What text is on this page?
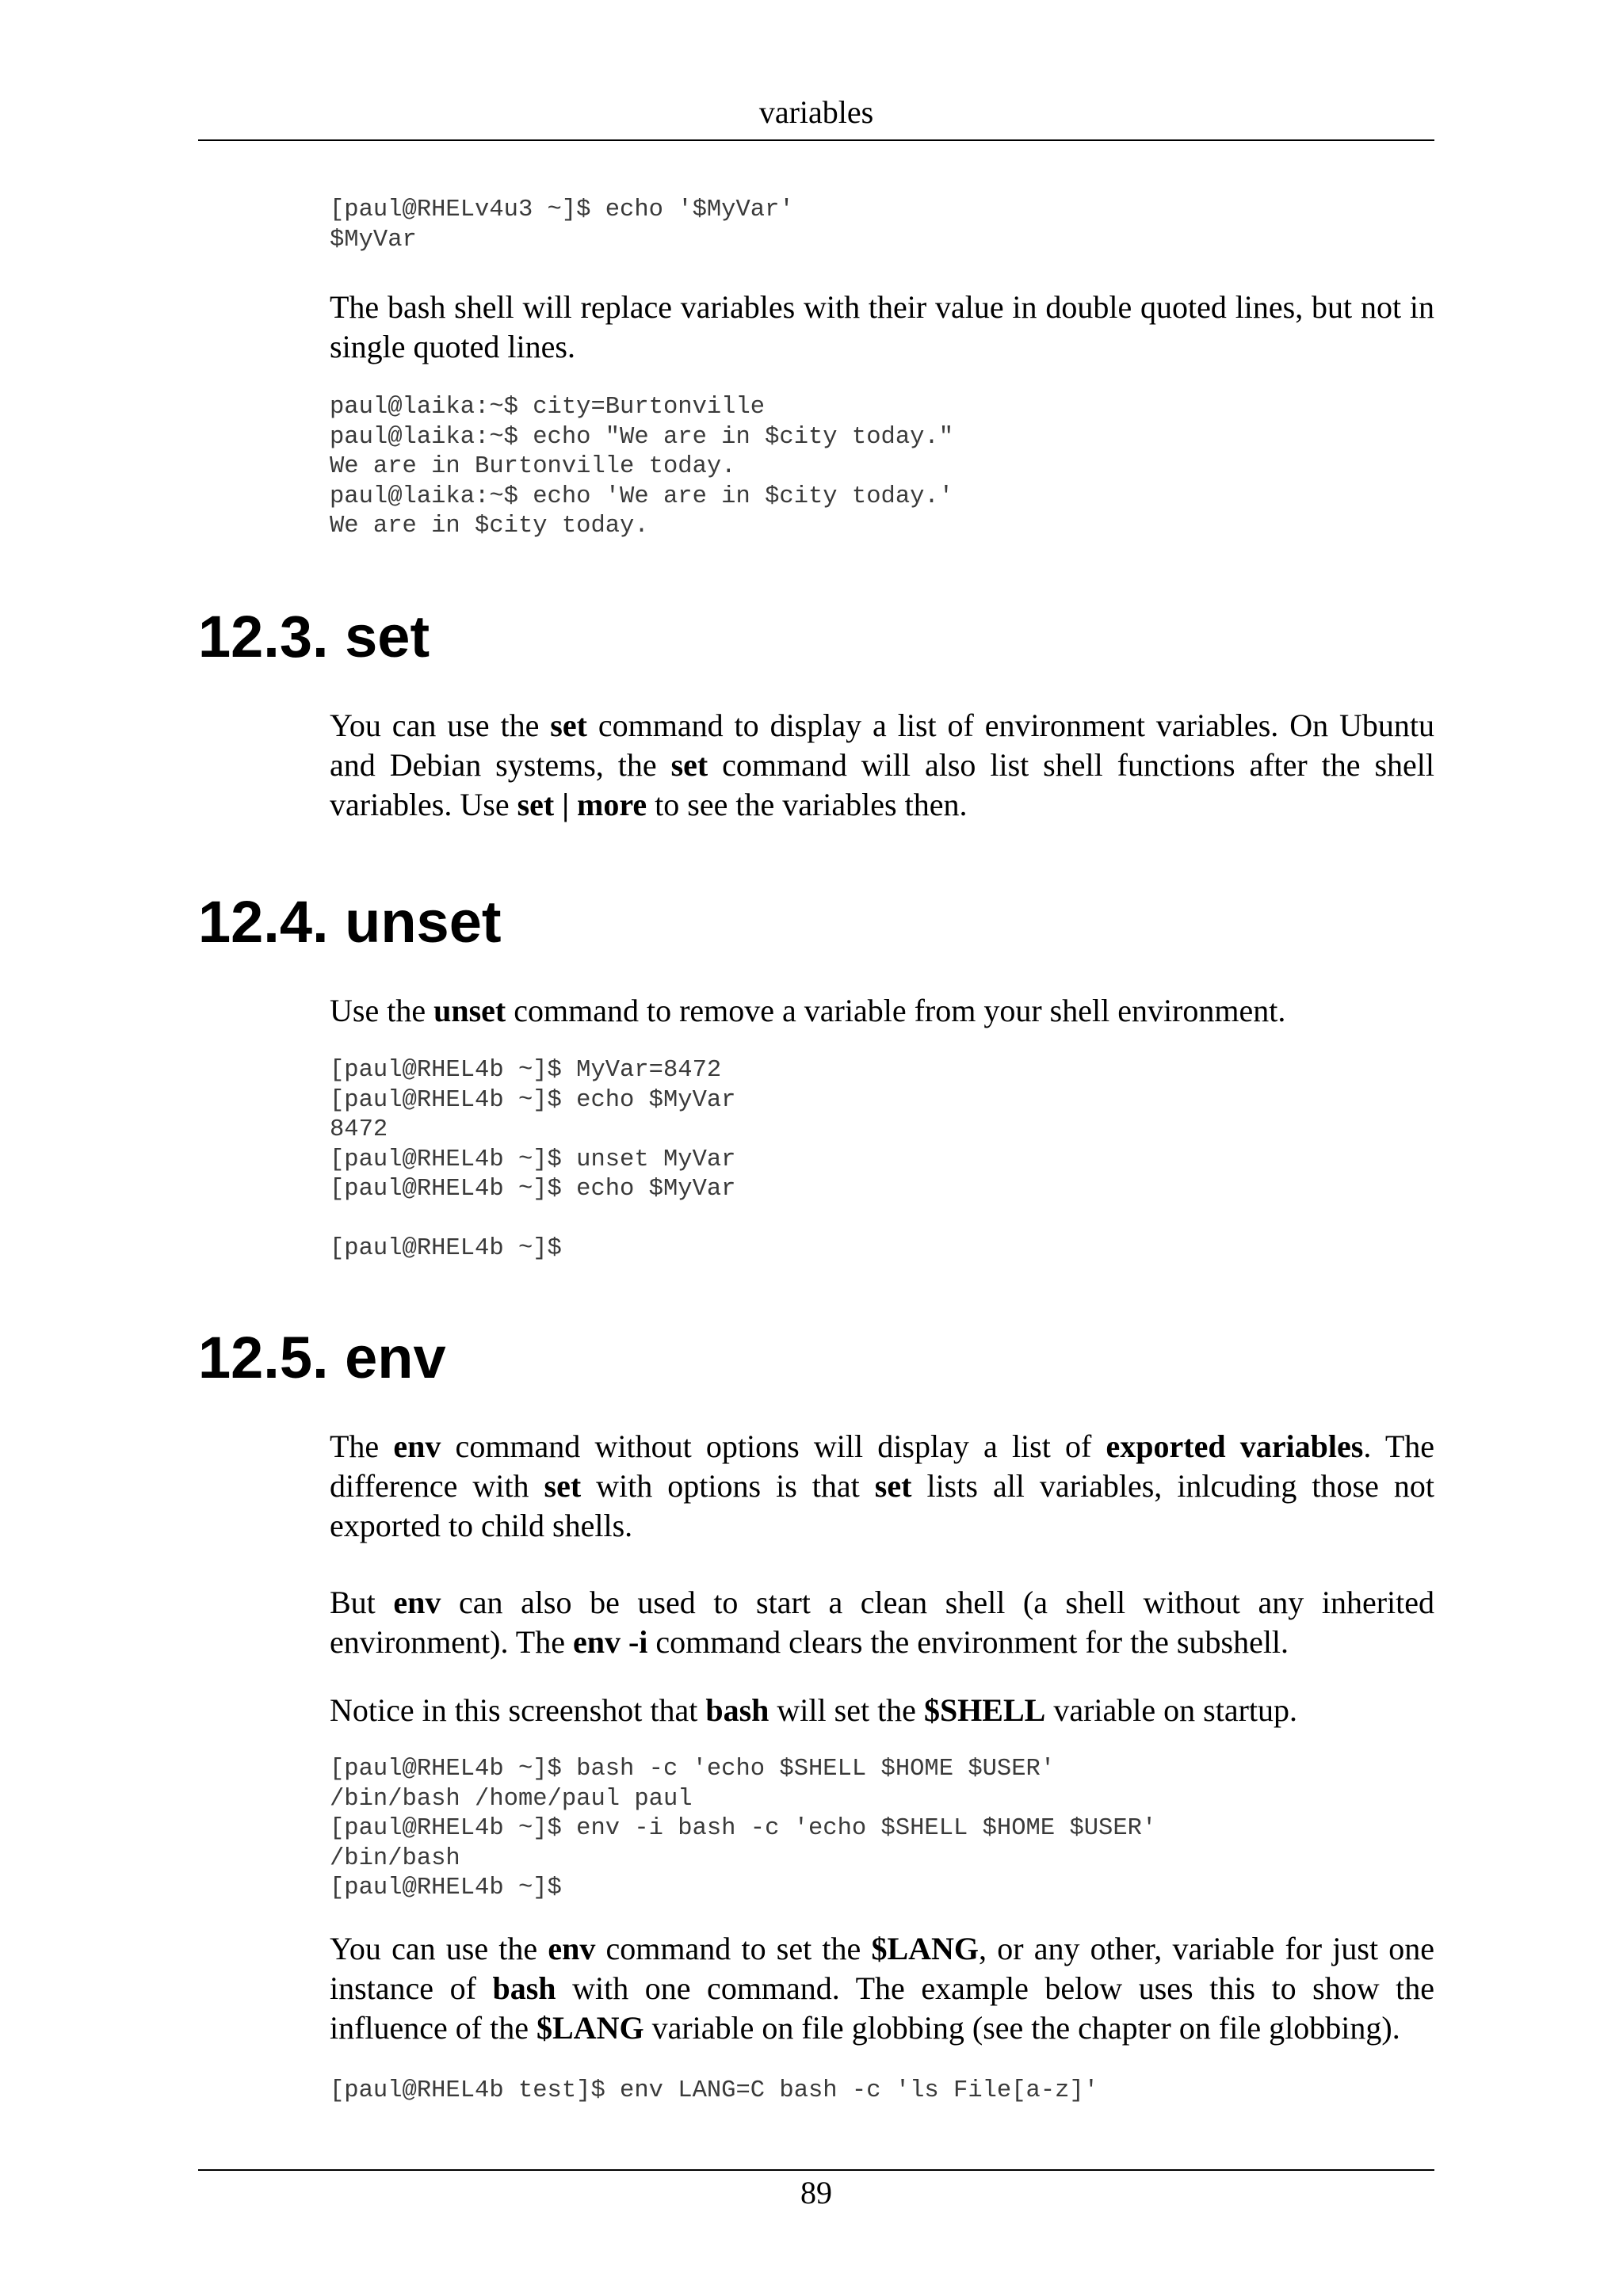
variables
[paul@RHELv4u3 ~]$ echo '$MyVar'
$MyVar

The bash shell will replace variables with their value in double quoted lines, but not in single quoted lines.

paul@laika:~$ city=Burtonville
paul@laika:~$ echo "We are in $city today."
We are in Burtonville today.
paul@laika:~$ echo 'We are in $city today.'
We are in $city today.
12.3. set

You can use the set command to display a list of environment variables. On Ubuntu and Debian systems, the set command will also list shell functions after the shell variables. Use set | more to see the variables then.

12.4. unset

Use the unset command to remove a variable from your shell environment.

[paul@RHEL4b ~]$ MyVar=8472
[paul@RHEL4b ~]$ echo $MyVar
8472
[paul@RHEL4b ~]$ unset MyVar
[paul@RHEL4b ~]$ echo $MyVar
[paul@RHEL4b ~]$
12.5. env

The env command without options will display a list of exported variables. The difference with set with options is that set lists all variables, inlcuding those not exported to child shells.

But env can also be used to start a clean shell (a shell without any inherited environment). The env -i command clears the environment for the subshell.

Notice in this screenshot that bash will set the $SHELL variable on startup.

[paul@RHEL4b ~]$ bash -c 'echo $SHELL $HOME $USER'
/bin/bash /home/paul paul
[paul@RHEL4b ~]$ env -i bash -c 'echo $SHELL $HOME $USER'
/bin/bash
[paul@RHEL4b ~]$

You can use the env command to set the $LANG, or any other, variable for just one instance of bash with one command. The example below uses this to show the influence of the $LANG variable on file globbing (see the chapter on file globbing).

[paul@RHEL4b test]$ env LANG=C bash -c 'ls File[a-z]'
89
